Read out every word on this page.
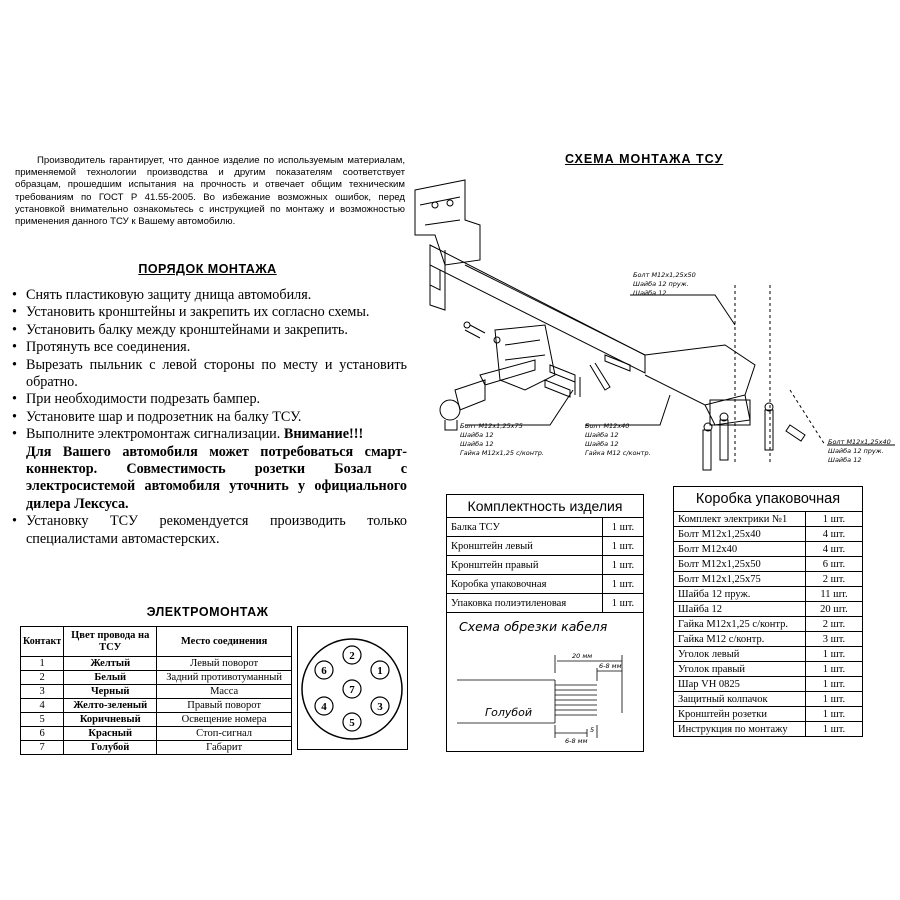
Производитель гарантирует, что данное изделие по используемым материалам, применяемой технологии производства и другим показателям соответствует образцам, прошедшим испытания на прочность и отвечает общим техническим требованиям по ГОСТ Р 41.55-2005. Во избежание возможных ошибок, перед установкой внимательно ознакомьтесь с инструкцией по монтажу и возможностью применения данного ТСУ к Вашему автомобилю.
ПОРЯДОК МОНТАЖА
• Снять пластиковую защиту днища автомобиля.
• Установить кронштейны и закрепить их согласно схемы.
• Установить балку между кронштейнами и закрепить.
• Протянуть все соединения.
• Вырезать пыльник с левой стороны по месту и установить обратно.
• При необходимости подрезать бампер.
• Установите шар и подрозетник на балку ТСУ.
• Выполните электромонтаж сигнализации. Внимание!!!
Для Вашего автомобиля может потребоваться смарт-коннектор. Совместимость розетки Бозал с электросистемой автомобиля уточнить у официального дилера Лексуса.
• Установку ТСУ рекомендуется производить только специалистами автомастерских.
ЭЛЕКТРОМОНТАЖ
Контакт	Цвет провода на ТСУ	Место соединения
1	Желтый	Левый поворот
2	Белый	Задний противотуманный
3	Черный	Масса
4	Желто-зеленый	Правый поворот
5	Коричневый	Освещение номера
6	Красный	Стоп-сигнал
7	Голубой	Габарит
1
2
3
4
5
6
7
СХЕМА МОНТАЖА ТСУ
Болт М12х1,25х50
Шайба 12 пруж.
Шайба 12
Болт М12х1,25х75
Шайба 12
Шайба 12
Гайка М12х1,25 с/контр.
Болт М12х40
Шайба 12
Шайба 12
Гайка М12 с/контр.
Болт М12х1,25х40
Шайба 12 пруж.
Шайба 12
Комплектность изделия
Балка ТСУ	1 шт.
Кронштейн левый	1 шт.
Кронштейн правый	1 шт.
Коробка упаковочная	1 шт.
Упаковка полиэтиленовая	1 шт.
Схема обрезки кабеля
20 мм
6-8 мм
6-8 мм
5
Голубой
Коробка упаковочная
Комплект электрики №1	1 шт.
Болт М12х1,25х40	4 шт.
Болт М12х40	4 шт.
Болт М12х1,25х50	6 шт.
Болт М12х1,25х75	2 шт.
Шайба 12 пруж.	11 шт.
Шайба 12	20 шт.
Гайка М12х1,25 с/контр.	2 шт.
Гайка М12 с/контр.	3 шт.
Уголок левый	1 шт.
Уголок правый	1 шт.
Шар VH 0825	1 шт.
Защитный колпачок	1 шт.
Кронштейн розетки	1 шт.
Инструкция по монтажу	1 шт.
